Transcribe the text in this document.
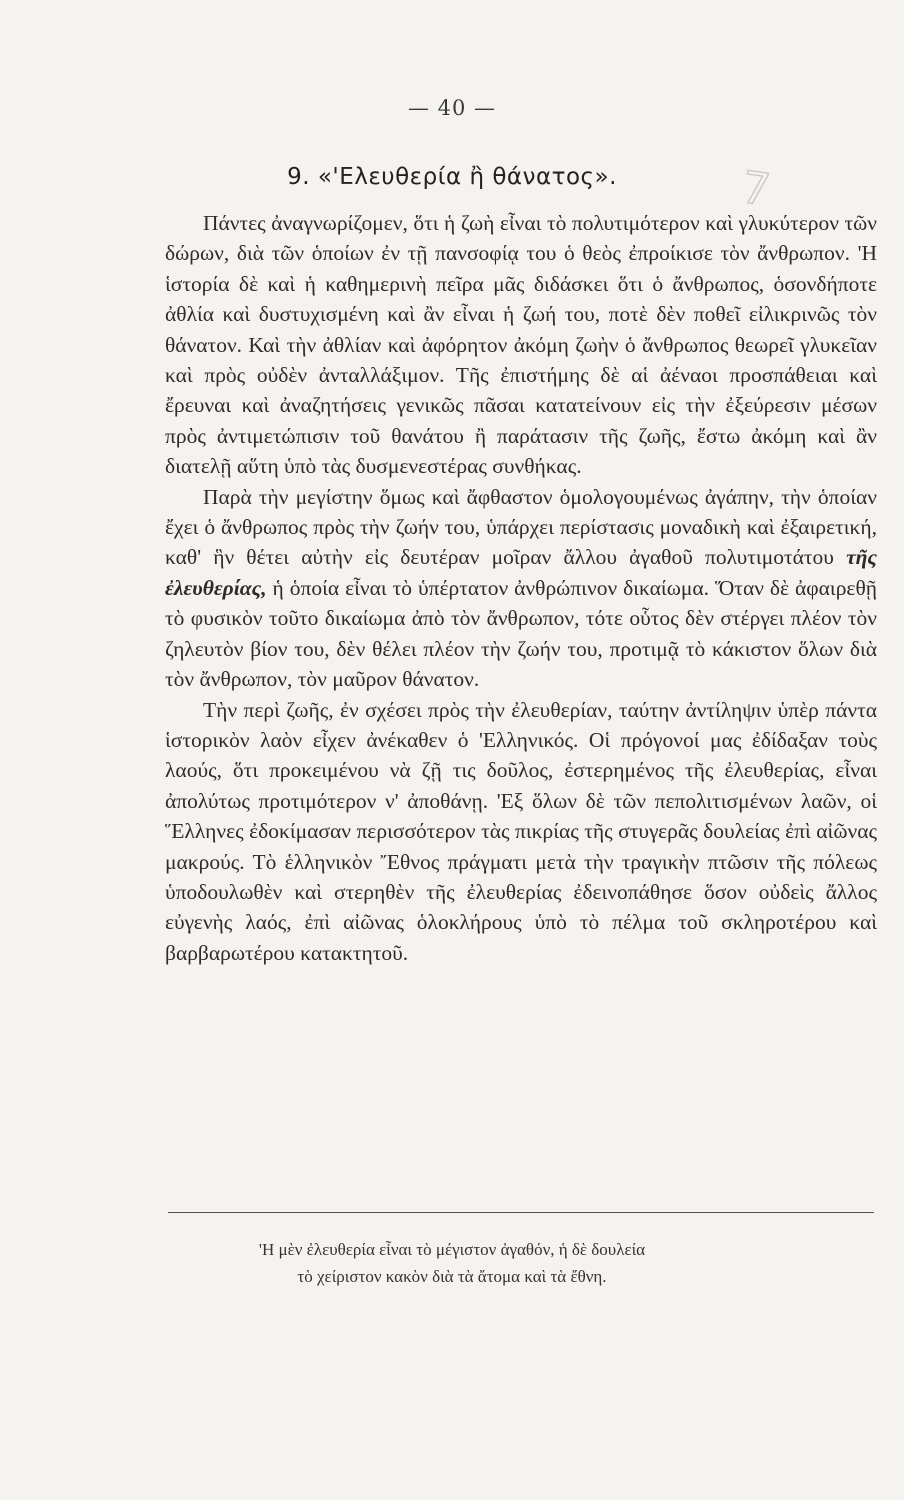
— 40 —
9. «'Ελευθερία ἢ θάνατος».	7

Πάντες ἀναγνωρίζομεν, ὅτι ἡ ζωὴ εἶναι τὸ πολυτιμότερον καὶ γλυκύτερον τῶν δώρων, διὰ τῶν ὁποίων ἐν τῇ πανσοφίᾳ του ὁ θεὸς ἐπροίκισε τὸν ἄνθρωπον. 'Η ἱστορία δὲ καὶ ἡ καθημερινὴ πεῖρα μᾶς διδάσκει ὅτι ὁ ἄνθρωπος, ὁσονδήποτε ἀθλία καὶ δυστυχισμένη καὶ ἂν εἶναι ἡ ζωή του, ποτὲ δὲν ποθεῖ εἰλικρινῶς τὸν θάνατον. Καὶ τὴν ἀθλίαν καὶ ἀφόρητον ἀκόμη ζωὴν ὁ ἄνθρωπος θεωρεῖ γλυκεῖαν καὶ πρὸς οὐδὲν ἀνταλλάξιμον. Τῆς ἐπιστήμης δὲ αἱ ἀέναοι προσπάθειαι καὶ ἔρευναι καὶ ἀναζητήσεις γενικῶς πᾶσαι κατατείνουν εἰς τὴν ἐξεύρεσιν μέσων πρὸς ἀντιμετώπισιν τοῦ θανάτου ἢ παράτασιν τῆς ζωῆς, ἔστω ἀκόμη καὶ ἂν διατελῇ αὕτη ὑπὸ τὰς δυσμενεστέρας συνθήκας.

Παρὰ τὴν μεγίστην ὅμως καὶ ἄφθαστον ὁμολογουμένως ἀγάπην, τὴν ὁποίαν ἔχει ὁ ἄνθρωπος πρὸς τὴν ζωήν του, ὑπάρχει περίστασις μοναδικὴ καὶ ἐξαιρετική, καθ' ἣν θέτει αὐτὴν εἰς δευτέραν μοῖραν ἄλλου ἀγαθοῦ πολυτιμοτάτου τῆς ἐλευθερίας, ἡ ὁποία εἶναι τὸ ὑπέρτατον ἀνθρώπινον δικαίωμα. Ὅταν δὲ ἀφαιρεθῇ τὸ φυσικὸν τοῦτο δικαίωμα ἀπὸ τὸν ἄνθρωπον, τότε οὗτος δὲν στέργει πλέον τὸν ζηλευτὸν βίον του, δὲν θέλει πλέον τὴν ζωήν του, προτιμᾷ τὸ κάκιστον ὅλων διὰ τὸν ἄνθρωπον, τὸν μαῦρον θάνατον.

Τὴν περὶ ζωῆς, ἐν σχέσει πρὸς τὴν ἐλευθερίαν, ταύτην ἀντίληψιν ὑπὲρ πάντα ἱστορικὸν λαὸν εἶχεν ἀνέκαθεν ὁ 'Ελληνικός. Οἱ πρόγονοί μας ἐδίδαξαν τοὺς λαούς, ὅτι προκειμένου νὰ ζῇ τις δοῦλος, ἐστερημένος τῆς ἐλευθερίας, εἶναι ἀπολύτως προτιμότερον ν' ἀποθάνῃ. 'Εξ ὅλων δὲ τῶν πεπολιτισμένων λαῶν, οἱ Ἕλληνες ἐδοκίμασαν περισσότερον τὰς πικρίας τῆς στυγερᾶς δουλείας ἐπὶ αἰῶνας μακρούς. Τὸ ἑλληνικὸν Ἔθνος πράγματι μετὰ τὴν τραγικὴν πτῶσιν τῆς πόλεως ὑποδουλωθὲν καὶ στερηθὲν τῆς ἐλευθερίας ἐδεινοπάθησε ὅσον οὐδεὶς ἄλλος εὐγενὴς λαός, ἐπὶ αἰῶνας ὁλοκλήρους ὑπὸ τὸ πέλμα τοῦ σκληροτέρου καὶ βαρβαρωτέρου κατακτητοῦ.

'Η μὲν ἐλευθερία εἶναι τὸ μέγιστον ἀγαθόν, ἡ δὲ δουλεία
τὸ χείριστον κακὸν διὰ τὰ ἄτομα καὶ τὰ ἔθνη.
